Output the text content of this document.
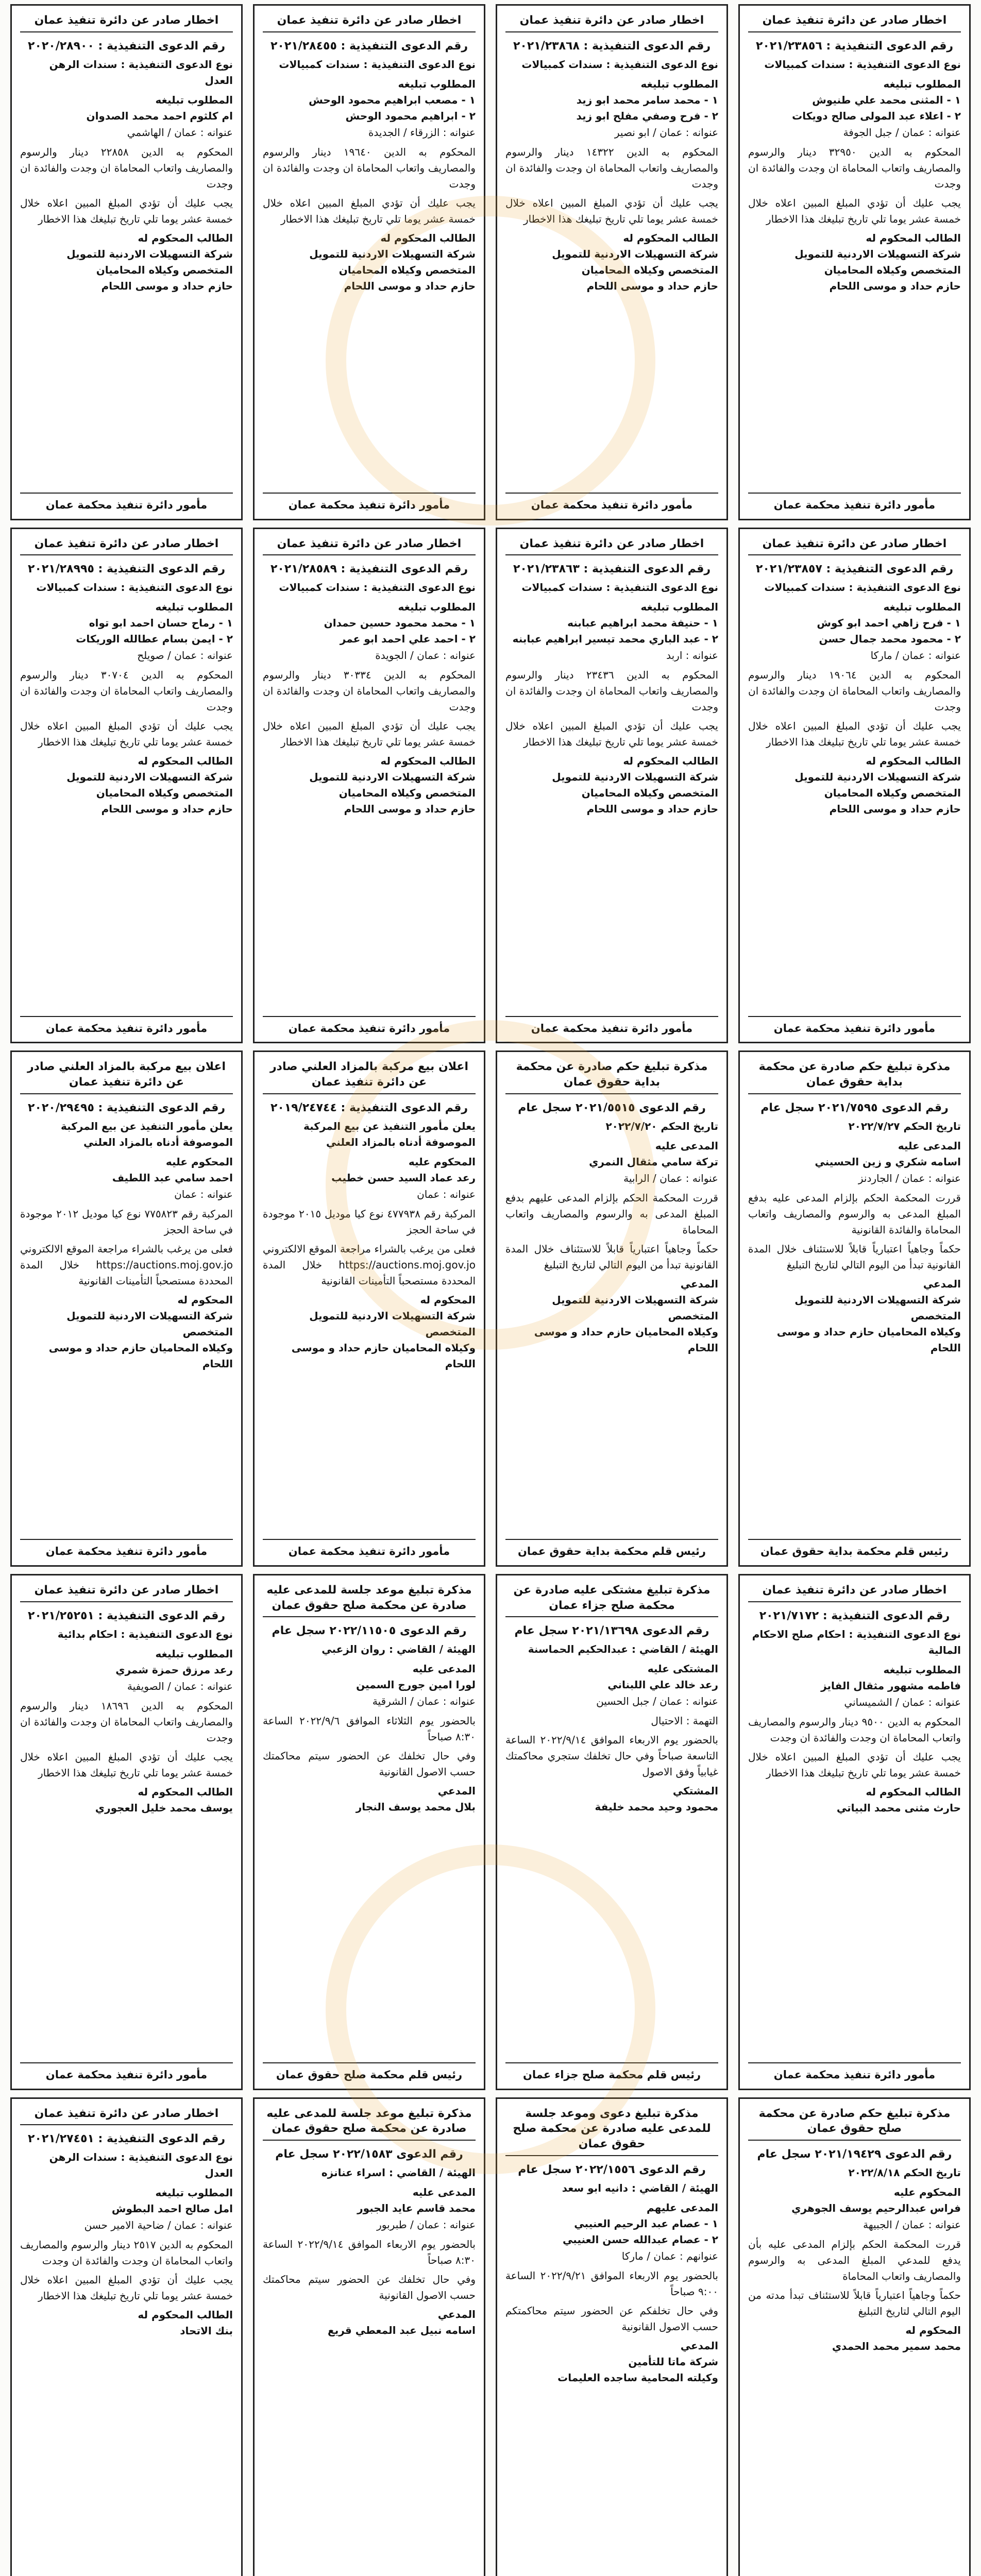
اخطار صادر عن دائرة تنفيذ عمان
رقم الدعوى التنفيذية : ٢٠٢١/٢٣٨٥٦
نوع الدعوى التنفيذية : سندات كمبيالات
المطلوب تبليغه
١ - المثنى محمد علي طنيوش
٢ - اعلاء عبد المولى صالح دويكات
عنوانه : عمان / جبل الجوفة
المحكوم به الدين ٣٢٩٥٠ دينار والرسوم والمصاريف واتعاب المحاماة ان وجدت والفائدة ان وجدت
يجب عليك أن تؤدي المبلغ المبين اعلاه خلال خمسة عشر يوما تلي تاريخ تبليغك هذا الاخطار
الطالب المحكوم له
شركة التسهيلات الاردنية للتمويل المتخصص وكيلاه المحاميان
حازم حداد و موسى اللحام
مأمور دائرة تنفيذ محكمة عمان
اخطار صادر عن دائرة تنفيذ عمان
رقم الدعوى التنفيذية : ٢٠٢١/٢٣٨٦٨
نوع الدعوى التنفيذية : سندات كمبيالات
المطلوب تبليغه
١ - محمد سامر محمد ابو زيد
٢ - فرح وصفي مفلح ابو زيد
عنوانه : عمان / ابو نصير
المحكوم به الدين ١٤٣٢٢ دينار والرسوم والمصاريف واتعاب المحاماة ان وجدت والفائدة ان وجدت
يجب عليك أن تؤدي المبلغ المبين اعلاه خلال خمسة عشر يوما تلي تاريخ تبليغك هذا الاخطار
الطالب المحكوم له
شركة التسهيلات الاردنية للتمويل المتخصص وكيلاه المحاميان
حازم حداد و موسى اللحام
مأمور دائرة تنفيذ محكمة عمان
اخطار صادر عن دائرة تنفيذ عمان
رقم الدعوى التنفيذية : ٢٠٢١/٢٨٤٥٥
نوع الدعوى التنفيذية : سندات كمبيالات
المطلوب تبليغه
١ - مصعب ابراهيم محمود الوحش
٢ - ابراهيم محمود الوحش
عنوانه : الزرقاء / الجديدة
المحكوم به الدين ١٩٦٤٠ دينار والرسوم والمصاريف واتعاب المحاماة ان وجدت والفائدة ان وجدت
يجب عليك أن تؤدي المبلغ المبين اعلاه خلال خمسة عشر يوما تلي تاريخ تبليغك هذا الاخطار
الطالب المحكوم له
شركة التسهيلات الاردنية للتمويل المتخصص وكيلاه المحاميان
حازم حداد و موسى اللحام
مأمور دائرة تنفيذ محكمة عمان
اخطار صادر عن دائرة تنفيذ عمان
رقم الدعوى التنفيذية : ٢٠٢٠/٢٨٩٠٠
نوع الدعوى التنفيذية : سندات الرهن العدل
المطلوب تبليغه
ام كلثوم احمد محمد الصدوان
عنوانه : عمان / الهاشمي
المحكوم به الدين ٢٢٨٥٨ دينار والرسوم والمصاريف واتعاب المحاماة ان وجدت والفائدة ان وجدت
يجب عليك أن تؤدي المبلغ المبين اعلاه خلال خمسة عشر يوما تلي تاريخ تبليغك هذا الاخطار
الطالب المحكوم له
شركة التسهيلات الاردنية للتمويل المتخصص وكيلاه المحاميان
حازم حداد و موسى اللحام
مأمور دائرة تنفيذ محكمة عمان
اخطار صادر عن دائرة تنفيذ عمان
رقم الدعوى التنفيذية : ٢٠٢١/٢٣٨٥٧
نوع الدعوى التنفيذية : سندات كمبيالات
المطلوب تبليغه
١ - فرح زاهي احمد ابو كوش
٢ - محمود محمد جمال حسن
عنوانه : عمان / ماركا
المحكوم به الدين ١٩٠٦٤ دينار والرسوم والمصاريف واتعاب المحاماة ان وجدت والفائدة ان وجدت
يجب عليك أن تؤدي المبلغ المبين اعلاه خلال خمسة عشر يوما تلي تاريخ تبليغك هذا الاخطار
الطالب المحكوم له
شركة التسهيلات الاردنية للتمويل المتخصص وكيلاه المحاميان
حازم حداد و موسى اللحام
مأمور دائرة تنفيذ محكمة عمان
اخطار صادر عن دائرة تنفيذ عمان
رقم الدعوى التنفيذية : ٢٠٢١/٢٣٨٦٣
نوع الدعوى التنفيذية : سندات كمبيالات
المطلوب تبليغه
١ - حنيفة محمد ابراهيم عبابنه
٢ - عبد الباري محمد تيسير ابراهيم عبابنه
عنوانه : اربد
المحكوم به الدين ٢٣٤٣٦ دينار والرسوم والمصاريف واتعاب المحاماة ان وجدت والفائدة ان وجدت
يجب عليك أن تؤدي المبلغ المبين اعلاه خلال خمسة عشر يوما تلي تاريخ تبليغك هذا الاخطار
الطالب المحكوم له
شركة التسهيلات الاردنية للتمويل المتخصص وكيلاه المحاميان
حازم حداد و موسى اللحام
مأمور دائرة تنفيذ محكمة عمان
اخطار صادر عن دائرة تنفيذ عمان
رقم الدعوى التنفيذية : ٢٠٢١/٢٨٥٨٩
نوع الدعوى التنفيذية : سندات كمبيالات
المطلوب تبليغه
١ - محمد محمود حسين حمدان
٢ - احمد علي احمد ابو عمر
عنوانه : عمان / الجويدة
المحكوم به الدين ٣٠٣٣٤ دينار والرسوم والمصاريف واتعاب المحاماة ان وجدت والفائدة ان وجدت
يجب عليك أن تؤدي المبلغ المبين اعلاه خلال خمسة عشر يوما تلي تاريخ تبليغك هذا الاخطار
الطالب المحكوم له
شركة التسهيلات الاردنية للتمويل المتخصص وكيلاه المحاميان
حازم حداد و موسى اللحام
مأمور دائرة تنفيذ محكمة عمان
اخطار صادر عن دائرة تنفيذ عمان
رقم الدعوى التنفيذية : ٢٠٢١/٢٨٩٩٥
نوع الدعوى التنفيذية : سندات كمبيالات
المطلوب تبليغه
١ - رماح حسان احمد ابو تواه
٢ - ايمن بسام عطالله الوريكات
عنوانه : عمان / صويلح
المحكوم به الدين ٣٠٧٠٤ دينار والرسوم والمصاريف واتعاب المحاماة ان وجدت والفائدة ان وجدت
يجب عليك أن تؤدي المبلغ المبين اعلاه خلال خمسة عشر يوما تلي تاريخ تبليغك هذا الاخطار
الطالب المحكوم له
شركة التسهيلات الاردنية للتمويل المتخصص وكيلاه المحاميان
حازم حداد و موسى اللحام
مأمور دائرة تنفيذ محكمة عمان
مذكرة تبليغ حكم صادرة عن محكمة بداية حقوق عمان
رقم الدعوى ٢٠٢١/٧٥٩٥ سجل عام
تاريخ الحكم ٢٠٢٢/٧/٢٧
المدعى عليه
اسامه شكري و زين الحسيني
عنوانه : عمان / الجاردنز
قررت المحكمة الحكم بإلزام المدعى عليه بدفع المبلغ المدعى به والرسوم والمصاريف واتعاب المحاماة والفائدة القانونية
حكماً وجاهياً اعتبارياً قابلاً للاستئناف خلال المدة القانونية تبدأ من اليوم التالي لتاريخ التبليغ
المدعي
شركة التسهيلات الاردنية للتمويل المتخصص
وكيلاه المحاميان حازم حداد و موسى اللحام
رئيس قلم محكمة بداية حقوق عمان
مذكرة تبليغ حكم صادرة عن محكمة بداية حقوق عمان
رقم الدعوى ٢٠٢١/٥٥١٥ سجل عام
تاريخ الحكم ٢٠٢٢/٧/٢٠
المدعى عليه
تركة سامي مثقال النمري
عنوانه : عمان / الرابية
قررت المحكمة الحكم بإلزام المدعى عليهم بدفع المبلغ المدعى به والرسوم والمصاريف واتعاب المحاماة
حكماً وجاهياً اعتبارياً قابلاً للاستئناف خلال المدة القانونية تبدأ من اليوم التالي لتاريخ التبليغ
المدعي
شركة التسهيلات الاردنية للتمويل المتخصص
وكيلاه المحاميان حازم حداد و موسى اللحام
رئيس قلم محكمة بداية حقوق عمان
اعلان بيع مركبة بالمزاد العلني صادر عن دائرة تنفيذ عمان
رقم الدعوى التنفيذية : ٢٠١٩/٢٤٧٤٤
يعلن مأمور التنفيذ عن بيع المركبة الموصوفة أدناه بالمزاد العلني
المحكوم عليه
رعد عماد السيد حسن خطيب
عنوانه : عمان
المركبة رقم ٤٧٧٩٣٨ نوع كيا موديل ٢٠١٥ موجودة في ساحة الحجز
فعلى من يرغب بالشراء مراجعة الموقع الالكتروني https://auctions.moj.gov.jo خلال المدة المحددة مستصحباً التأمينات القانونية
المحكوم له
شركة التسهيلات الاردنية للتمويل المتخصص
وكيلاه المحاميان حازم حداد و موسى اللحام
مأمور دائرة تنفيذ محكمة عمان
اعلان بيع مركبة بالمزاد العلني صادر عن دائرة تنفيذ عمان
رقم الدعوى التنفيذية : ٢٠٢٠/٢٩٤٩٥
يعلن مأمور التنفيذ عن بيع المركبة الموصوفة أدناه بالمزاد العلني
المحكوم عليه
احمد سامي عبد اللطيف
عنوانه : عمان
المركبة رقم ٧٧٥٨٢٣ نوع كيا موديل ٢٠١٢ موجودة في ساحة الحجز
فعلى من يرغب بالشراء مراجعة الموقع الالكتروني https://auctions.moj.gov.jo خلال المدة المحددة مستصحباً التأمينات القانونية
المحكوم له
شركة التسهيلات الاردنية للتمويل المتخصص
وكيلاه المحاميان حازم حداد و موسى اللحام
مأمور دائرة تنفيذ محكمة عمان
اخطار صادر عن دائرة تنفيذ عمان
رقم الدعوى التنفيذية : ٢٠٢١/٧١٧٢
نوع الدعوى التنفيذية : احكام صلح الاحكام المالية
المطلوب تبليغه
فاطمه مشهور مثقال الفايز
عنوانه : عمان / الشميساني
المحكوم به الدين ٩٥٠٠ دينار والرسوم والمصاريف واتعاب المحاماة ان وجدت والفائدة ان وجدت
يجب عليك أن تؤدي المبلغ المبين اعلاه خلال خمسة عشر يوما تلي تاريخ تبليغك هذا الاخطار
الطالب المحكوم له
حارث مثنى محمد البياتي
مأمور دائرة تنفيذ محكمة عمان
مذكرة تبليغ مشتكى عليه صادرة عن محكمة صلح جزاء عمان
رقم الدعوى ٢٠٢١/١٣٦٩٨ سجل عام
الهيئة / القاضي : عبدالحكيم الحماسنة
المشتكى عليه
رعد خالد علي اللبناني
عنوانه : عمان / جبل الحسين
التهمة : الاحتيال
بالحضور يوم الاربعاء الموافق ٢٠٢٢/٩/١٤ الساعة التاسعة صباحاً وفي حال تخلفك ستجري محاكمتك غيابياً وفق الاصول
المشتكي
محمود وحيد محمد خليفة
رئيس قلم محكمة صلح جزاء عمان
مذكرة تبليغ موعد جلسة للمدعى عليه صادرة عن محكمة صلح حقوق عمان
رقم الدعوى ٢٠٢٢/١١٥٠٥ سجل عام
الهيئة / القاضي : روان الزعبي
المدعى عليه
لورا امين جورج السمين
عنوانه : عمان / الشرقية
بالحضور يوم الثلاثاء الموافق ٢٠٢٢/٩/٦ الساعة ٨:٣٠ صباحاً
وفي حال تخلفك عن الحضور سيتم محاكمتك حسب الاصول القانونية
المدعي
بلال محمد يوسف النجار
رئيس قلم محكمة صلح حقوق عمان
اخطار صادر عن دائرة تنفيذ عمان
رقم الدعوى التنفيذية : ٢٠٢١/٢٥٢٥١
نوع الدعوى التنفيذية : احكام بدائية
المطلوب تبليغه
رعد مرزق حمزة شمري
عنوانه : عمان / الصويفية
المحكوم به الدين ١٨٦٩٦ دينار والرسوم والمصاريف واتعاب المحاماة ان وجدت والفائدة ان وجدت
يجب عليك أن تؤدي المبلغ المبين اعلاه خلال خمسة عشر يوما تلي تاريخ تبليغك هذا الاخطار
الطالب المحكوم له
يوسف محمد خليل العجوري
مأمور دائرة تنفيذ محكمة عمان
مذكرة تبليغ حكم صادرة عن محكمة صلح حقوق عمان
رقم الدعوى ٢٠٢١/١٩٤٢٩ سجل عام
تاريخ الحكم ٢٠٢٢/٨/١٨
المحكوم عليه
فراس عبدالرحيم يوسف الجوهري
عنوانه : عمان / الجبيهة
قررت المحكمة الحكم بإلزام المدعى عليه بأن يدفع للمدعي المبلغ المدعى به والرسوم والمصاريف واتعاب المحاماة
حكماً وجاهياً اعتبارياً قابلاً للاستئناف تبدأ مدته من اليوم التالي لتاريخ التبليغ
المحكوم له
محمد سمير محمد الحمدي
مذكرة تبليغ دعوى وموعد جلسة للمدعى عليه صادرة عن محكمة صلح حقوق عمان
رقم الدعوى ٢٠٢٢/١٥٥٦ سجل عام
الهيئة / القاضي : دانيه ابو سعد
المدعى عليهم
١ - عصام عبد الرحيم العنيبي
٢ - عصام عبدالله حسن العنيبي
عنوانهم : عمان / ماركا
بالحضور يوم الاربعاء الموافق ٢٠٢٢/٩/٢١ الساعة ٩:٠٠ صباحاً
وفي حال تخلفكم عن الحضور سيتم محاكمتكم حسب الاصول القانونية
المدعي
شركة ماتا للتأمين
وكيلته المحامية ساجده العليمات
مذكرة تبليغ موعد جلسة للمدعى عليه صادرة عن محكمة صلح حقوق عمان
رقم الدعوى ٢٠٢٢/١٥٨٣ سجل عام
الهيئة / القاضي : اسراء عنانزه
المدعى عليه
محمد قاسم عايد الجبور
عنوانه : عمان / طبربور
بالحضور يوم الاربعاء الموافق ٢٠٢٢/٩/١٤ الساعة ٨:٣٠ صباحاً
وفي حال تخلفك عن الحضور سيتم محاكمتك حسب الاصول القانونية
المدعي
اسامه نبيل عبد المعطي قريع
اخطار صادر عن دائرة تنفيذ عمان
رقم الدعوى التنفيذية : ٢٠٢١/٢٧٤٥١
نوع الدعوى التنفيذية : سندات الرهن العدل
المطلوب تبليغه
امل صالح احمد البطوش
عنوانه : عمان / ضاحية الامير حسن
المحكوم به الدين ٢٥١٧ دينار والرسوم والمصاريف واتعاب المحاماة ان وجدت والفائدة ان وجدت
يجب عليك أن تؤدي المبلغ المبين اعلاه خلال خمسة عشر يوما تلي تاريخ تبليغك هذا الاخطار
الطالب المحكوم له
بنك الاتحاد
